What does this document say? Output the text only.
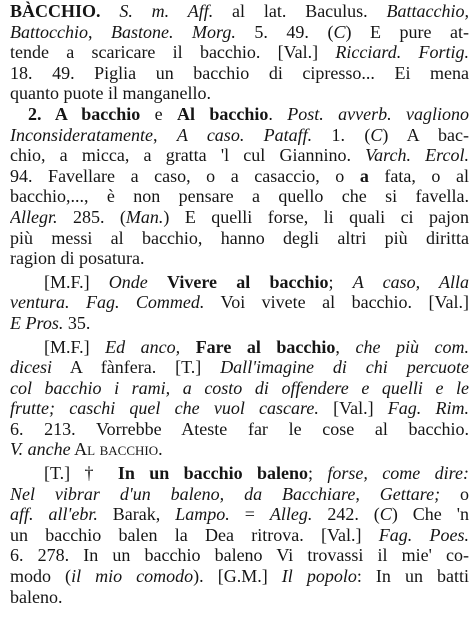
BÀCCHIO. S. m. Aff. al lat. Baculus. Battacchio,
Battocchio, Bastone. Morg. 5. 49. (C) E pure at-
tende a scaricare il bacchio. [Val.] Ricciard. Fortig.
18. 49. Piglia un bacchio di cipresso... Ei mena
quanto puote il manganello.
2. A bacchio e Al bacchio. Post. avverb. vagliono
Inconsideratamente, A caso. Pataff. 1. (C) A bac-
chio, a micca, a gratta 'l cul Giannino. Varch. Ercol.
94. Favellare a caso, o a casaccio, o a fata, o al
bacchio,..., è non pensare a quello che si favella.
Allegr. 285. (Man.) E quelli forse, li quali ci pajon
più messi al bacchio, hanno degli altri più diritta
ragion di posatura.
[M.F.] Onde Vivere al bacchio; A caso, Alla
ventura. Fag. Commed. Voi vivete al bacchio. [Val.]
E Pros. 35.
[M.F.] Ed anco, Fare al bacchio, che più com.
dicesi A fànfera. [T.] Dall'imagine di chi percuote
col bacchio i rami, a costo di offendere e quelli e le
frutte; caschi quel che vuol cascare. [Val.] Fag. Rim.
6. 213. Vorrebbe Ateste far le cose al bacchio.
V. anche Al bacchio.
[T.] † In un bacchio baleno; forse, come dire:
Nel vibrar d'un baleno, da Bacchiare, Gettare; o
aff. all'ebr. Barak, Lampo. = Alleg. 242. (C) Che 'n
un bacchio balen la Dea ritrova. [Val.] Fag. Poes.
6. 278. In un bacchio baleno Vi trovassi il mie' co-
modo (il mio comodo). [G.M.] Il popolo: In un batti
baleno.
